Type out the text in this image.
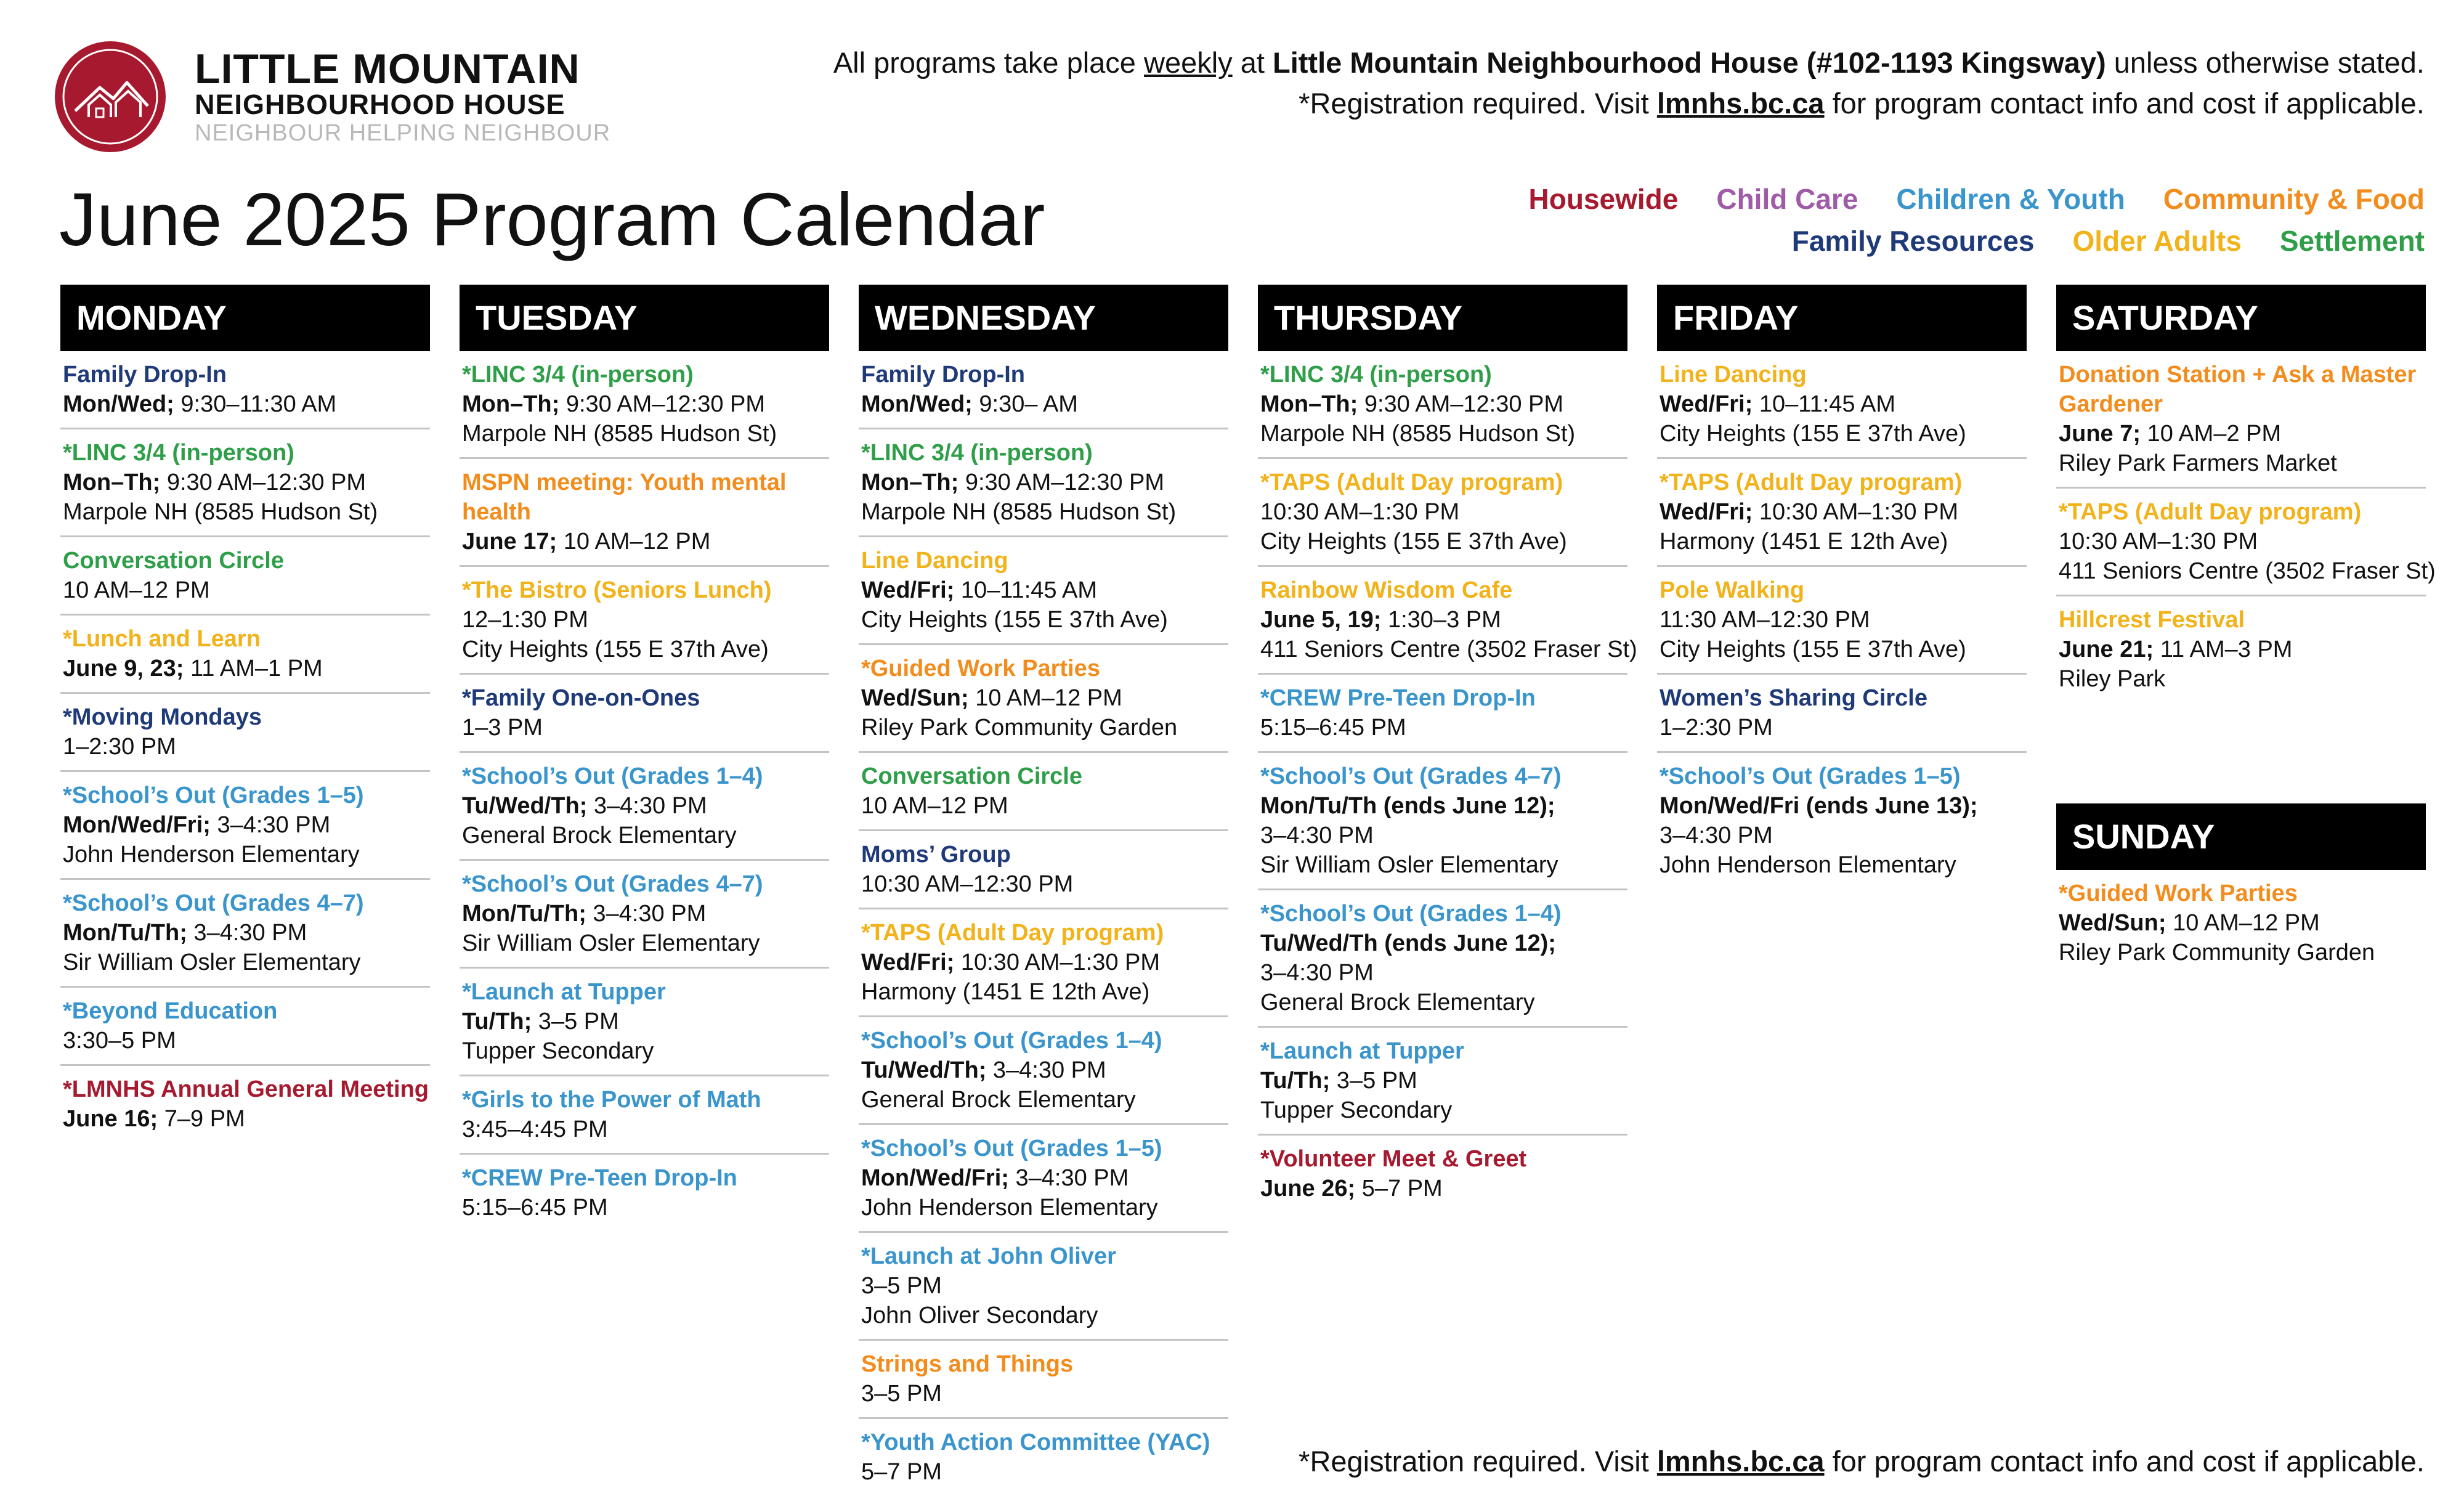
LITTLE MOUNTAIN
NEIGHBOURHOOD HOUSE
NEIGHBOUR HELPING NEIGHBOUR
All programs take place weekly at Little Mountain Neighbourhood House (#102-1193 Kingsway) unless otherwise stated.
*Registration required. Visit lmnhs.bc.ca for program contact info and cost if applicable.
June 2025 Program Calendar	Housewide Child Care Children & Youth Community & Food
Family Resources Older Adults Settlement
MONDAY
Family Drop-In
Mon/Wed; 9:30–11:30 AM
*LINC 3/4 (in-person)
Mon–Th; 9:30 AM–12:30 PM
Marpole NH (8585 Hudson St)
Conversation Circle
10 AM–12 PM
*Lunch and Learn
June 9, 23; 11 AM–1 PM
*Moving Mondays
1–2:30 PM
*School’s Out (Grades 1–5)
Mon/Wed/Fri; 3–4:30 PM
John Henderson Elementary
*School’s Out (Grades 4–7)
Mon/Tu/Th; 3–4:30 PM
Sir William Osler Elementary
*Beyond Education
3:30–5 PM
*LMNHS Annual General Meeting
June 16; 7–9 PM
TUESDAY
*LINC 3/4 (in-person)
Mon–Th; 9:30 AM–12:30 PM
Marpole NH (8585 Hudson St)
MSPN meeting: Youth mental health
June 17; 10 AM–12 PM
*The Bistro (Seniors Lunch)
12–1:30 PM
City Heights (155 E 37th Ave)
*Family One-on-Ones
1–3 PM
*School’s Out (Grades 1–4)
Tu/Wed/Th; 3–4:30 PM
General Brock Elementary
*School’s Out (Grades 4–7)
Mon/Tu/Th; 3–4:30 PM
Sir William Osler Elementary
*Launch at Tupper
Tu/Th; 3–5 PM
Tupper Secondary
*Girls to the Power of Math
3:45–4:45 PM
*CREW Pre-Teen Drop-In
5:15–6:45 PM
WEDNESDAY
Family Drop-In
Mon/Wed; 9:30– AM
*LINC 3/4 (in-person)
Mon–Th; 9:30 AM–12:30 PM
Marpole NH (8585 Hudson St)
Line Dancing
Wed/Fri; 10–11:45 AM
City Heights (155 E 37th Ave)
*Guided Work Parties
Wed/Sun; 10 AM–12 PM
Riley Park Community Garden
Conversation Circle
10 AM–12 PM
Moms’ Group
10:30 AM–12:30 PM
*TAPS (Adult Day program)
Wed/Fri; 10:30 AM–1:30 PM
Harmony (1451 E 12th Ave)
*School’s Out (Grades 1–4)
Tu/Wed/Th; 3–4:30 PM
General Brock Elementary
*School’s Out (Grades 1–5)
Mon/Wed/Fri; 3–4:30 PM
John Henderson Elementary
*Launch at John Oliver
3–5 PM
John Oliver Secondary
Strings and Things
3–5 PM
*Youth Action Committee (YAC)
5–7 PM
THURSDAY
*LINC 3/4 (in-person)
Mon–Th; 9:30 AM–12:30 PM
Marpole NH (8585 Hudson St)
*TAPS (Adult Day program)
10:30 AM–1:30 PM
City Heights (155 E 37th Ave)
Rainbow Wisdom Cafe
June 5, 19; 1:30–3 PM
411 Seniors Centre (3502 Fraser St)
*CREW Pre-Teen Drop-In
5:15–6:45 PM
*School’s Out (Grades 4–7)
Mon/Tu/Th (ends June 12);
3–4:30 PM
Sir William Osler Elementary
*School’s Out (Grades 1–4)
Tu/Wed/Th (ends June 12);
3–4:30 PM
General Brock Elementary
*Launch at Tupper
Tu/Th; 3–5 PM
Tupper Secondary
*Volunteer Meet & Greet
June 26; 5–7 PM
FRIDAY
Line Dancing
Wed/Fri; 10–11:45 AM
City Heights (155 E 37th Ave)
*TAPS (Adult Day program)
Wed/Fri; 10:30 AM–1:30 PM
Harmony (1451 E 12th Ave)
Pole Walking
11:30 AM–12:30 PM
City Heights (155 E 37th Ave)
Women’s Sharing Circle
1–2:30 PM
*School’s Out (Grades 1–5)
Mon/Wed/Fri (ends June 13);
3–4:30 PM
John Henderson Elementary
SATURDAY
Donation Station + Ask a Master Gardener
June 7; 10 AM–2 PM
Riley Park Farmers Market
*TAPS (Adult Day program)
10:30 AM–1:30 PM
411 Seniors Centre (3502 Fraser St)
Hillcrest Festival
June 21; 11 AM–3 PM
Riley Park
SUNDAY
*Guided Work Parties
Wed/Sun; 10 AM–12 PM
Riley Park Community Garden
*Registration required. Visit lmnhs.bc.ca for program contact info and cost if applicable.
